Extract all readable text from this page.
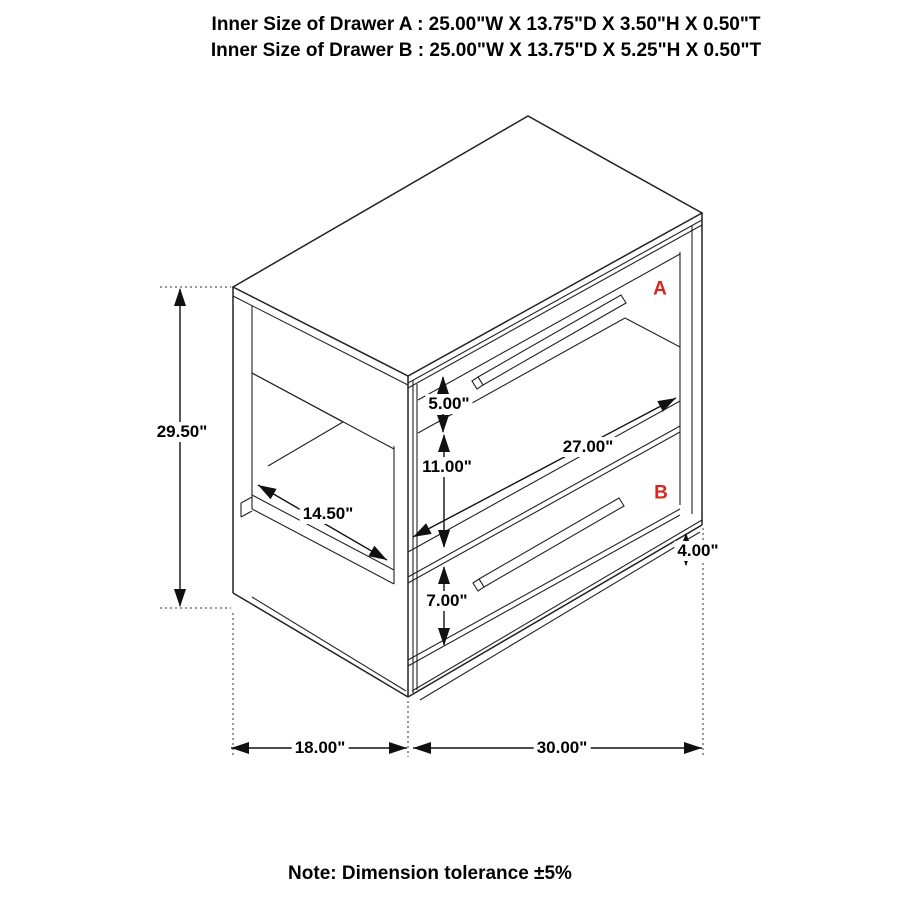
Inner Size of Drawer A : 25.00"W X 13.75"D X 3.50"H X 0.50"T
Inner Size of Drawer B : 25.00"W X 13.75"D X 5.25"H X 0.50"T
29.50"
5.00"
11.00"
27.00"
14.50"
7.00"
4.00"
18.00"	30.00"
A
B
Note: Dimension tolerance ±5%
